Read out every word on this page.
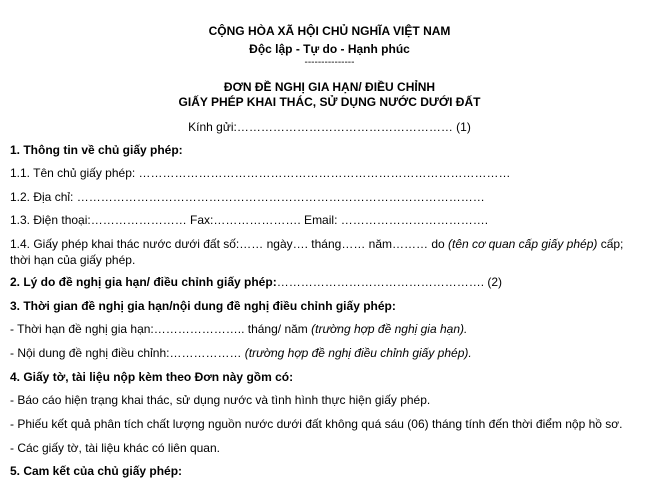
CỘNG HÒA XÃ HỘI CHỦ NGHĨA VIỆT NAM
Độc lập - Tự do - Hạnh phúc
---------------
ĐƠN ĐỀ NGHỊ GIA HẠN/ ĐIỀU CHỈNH
GIẤY PHÉP KHAI THÁC, SỬ DỤNG NƯỚC DƯỚI ĐẤT
Kính gửi:……………………………………………… (1)
1. Thông tin về chủ giấy phép:
1.1. Tên chủ giấy phép: …………………………………………………………………………………
1.2. Địa chỉ: …………………………………………………………………………………………
1.3. Điện thoại:…………………… Fax:…………………. Email: ……………………………….
1.4. Giấy phép khai thác nước dưới đất số:…… ngày…. tháng…… năm……… do (tên cơ quan cấp giấy phép) cấp;
thời hạn của giấy phép.
2. Lý do đề nghị gia hạn/ điều chỉnh giấy phép:……………………………………………. (2)
3. Thời gian đề nghị gia hạn/nội dung đề nghị điều chỉnh giấy phép:
- Thời hạn đề nghị gia hạn:………………….. tháng/ năm (trường hợp đề nghị gia hạn).
- Nội dung đề nghị điều chỉnh:……………… (trường hợp đề nghị điều chỉnh giấy phép).
4. Giấy tờ, tài liệu nộp kèm theo Đơn này gồm có:
- Báo cáo hiện trạng khai thác, sử dụng nước và tình hình thực hiện giấy phép.
- Phiếu kết quả phân tích chất lượng nguồn nước dưới đất không quá sáu (06) tháng tính đến thời điểm nộp hồ sơ.
- Các giấy tờ, tài liệu khác có liên quan.
5. Cam kết của chủ giấy phép:
